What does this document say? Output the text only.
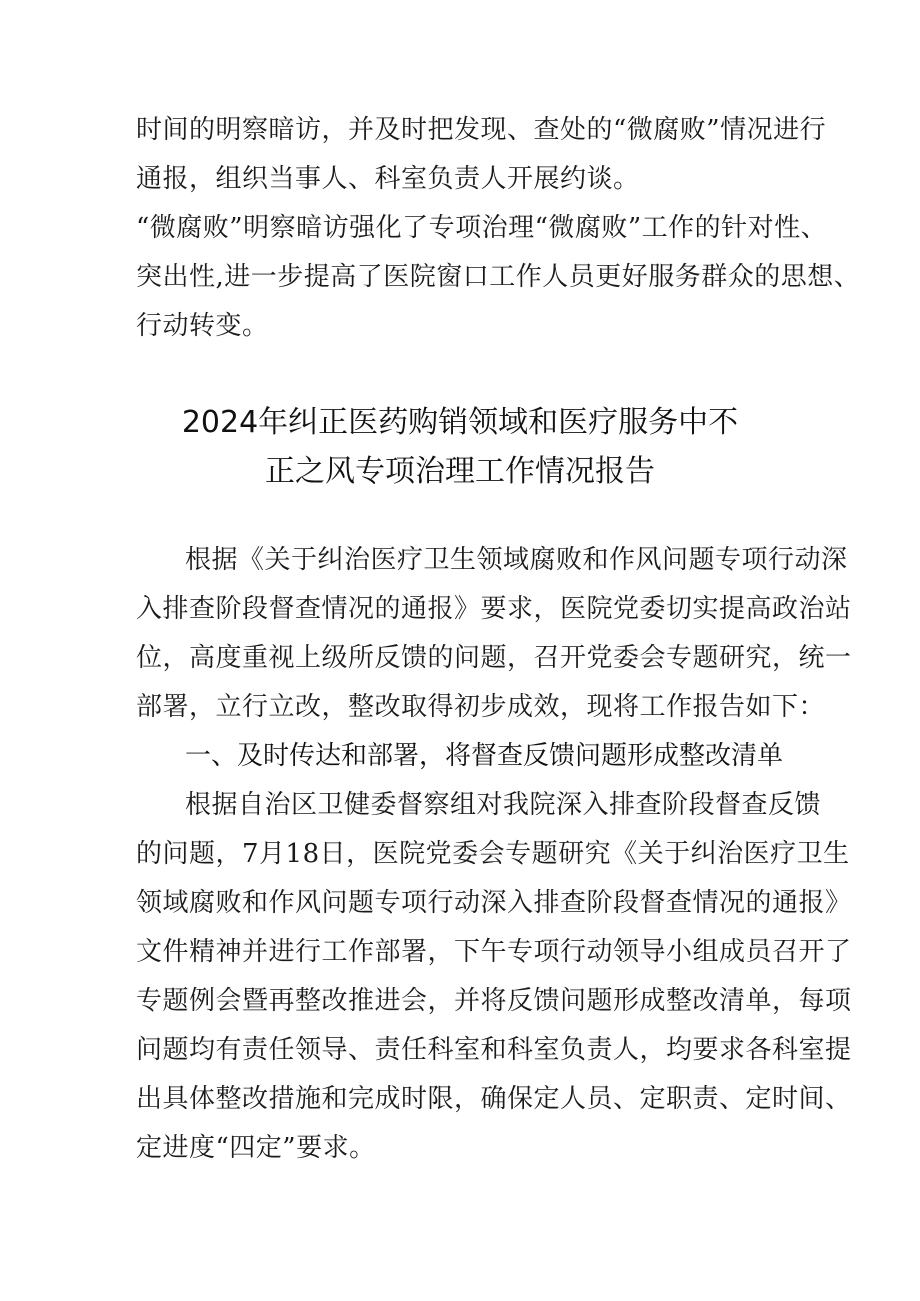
时间的明察暗访，并及时把发现、查处的“微腐败”情况进行
通报，组织当事人、科室负责人开展约谈。
“微腐败”明察暗访强化了专项治理“微腐败”工作的针对性、
突出性,进一步提高了医院窗口工作人员更好服务群众的思想、
行动转变。
2024年纠正医药购销领域和医疗服务中不
正之风专项治理工作情况报告
根据《关于纠治医疗卫生领域腐败和作风问题专项行动深
入排查阶段督查情况的通报》要求，医院党委切实提高政治站
位，高度重视上级所反馈的问题，召开党委会专题研究，统一
部署，立行立改，整改取得初步成效，现将工作报告如下：
一、及时传达和部署，将督查反馈问题形成整改清单
根据自治区卫健委督察组对我院深入排查阶段督查反馈
的问题，7月18日，医院党委会专题研究《关于纠治医疗卫生
领域腐败和作风问题专项行动深入排查阶段督查情况的通报》
文件精神并进行工作部署，下午专项行动领导小组成员召开了
专题例会暨再整改推进会，并将反馈问题形成整改清单，每项
问题均有责任领导、责任科室和科室负责人，均要求各科室提
出具体整改措施和完成时限，确保定人员、定职责、定时间、
定进度“四定”要求。
